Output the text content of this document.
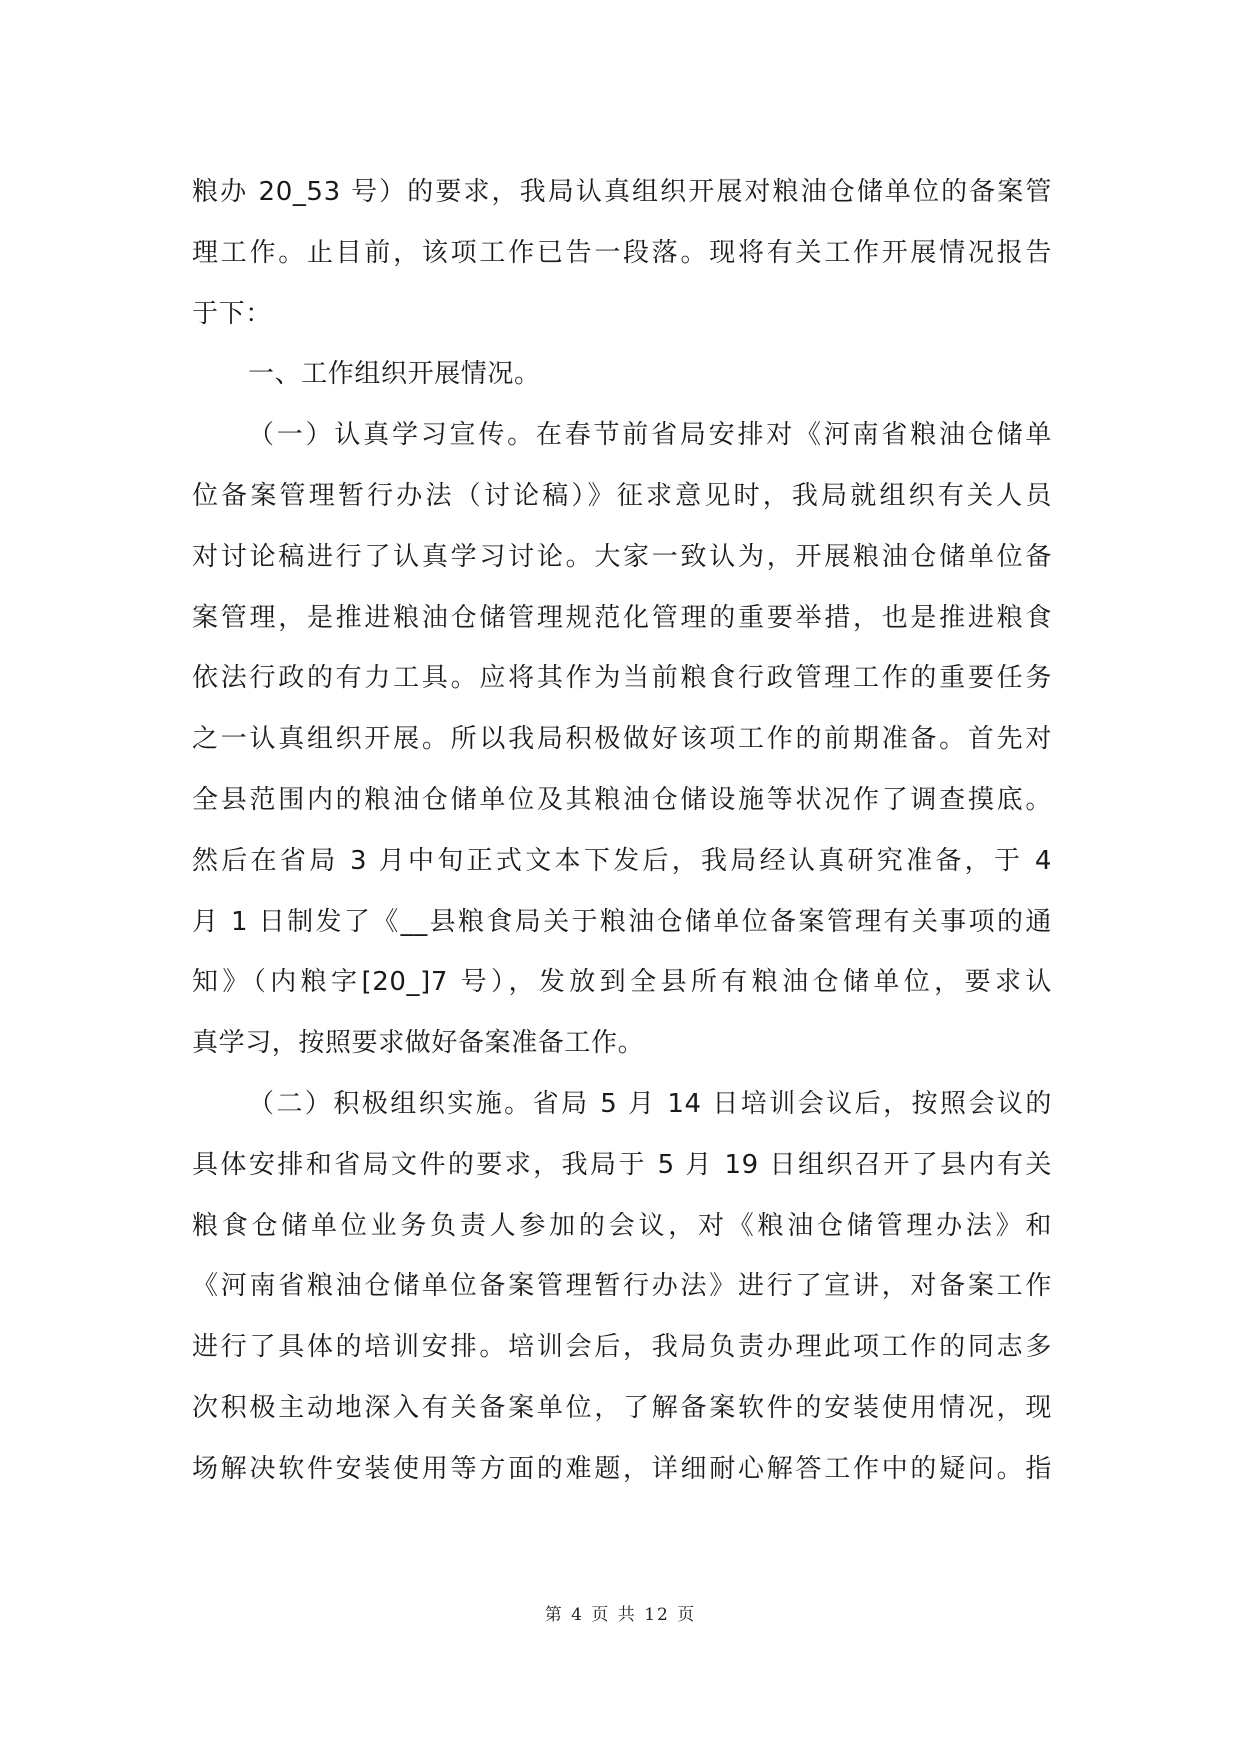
粮办 20_53 号）的要求，我局认真组织开展对粮油仓储单位的备案管
理工作。止目前，该项工作已告一段落。现将有关工作开展情况报告
于下：
一、工作组织开展情况。
（一）认真学习宣传。在春节前省局安排对《河南省粮油仓储单
位备案管理暂行办法（讨论稿）》征求意见时，我局就组织有关人员
对讨论稿进行了认真学习讨论。大家一致认为，开展粮油仓储单位备
案管理，是推进粮油仓储管理规范化管理的重要举措，也是推进粮食
依法行政的有力工具。应将其作为当前粮食行政管理工作的重要任务
之一认真组织开展。所以我局积极做好该项工作的前期准备。首先对
全县范围内的粮油仓储单位及其粮油仓储设施等状况作了调查摸底。
然后在省局 3 月中旬正式文本下发后，我局经认真研究准备，于 4
月 1 日制发了《__县粮食局关于粮油仓储单位备案管理有关事项的通
知》（内粮字[20_]7 号），发放到全县所有粮油仓储单位，要求认
真学习，按照要求做好备案准备工作。
（二）积极组织实施。省局 5 月 14 日培训会议后，按照会议的
具体安排和省局文件的要求，我局于 5 月 19 日组织召开了县内有关
粮食仓储单位业务负责人参加的会议，对《粮油仓储管理办法》和
《河南省粮油仓储单位备案管理暂行办法》进行了宣讲，对备案工作
进行了具体的培训安排。培训会后，我局负责办理此项工作的同志多
次积极主动地深入有关备案单位，了解备案软件的安装使用情况，现
场解决软件安装使用等方面的难题，详细耐心解答工作中的疑问。指
第 4 页 共 12 页
